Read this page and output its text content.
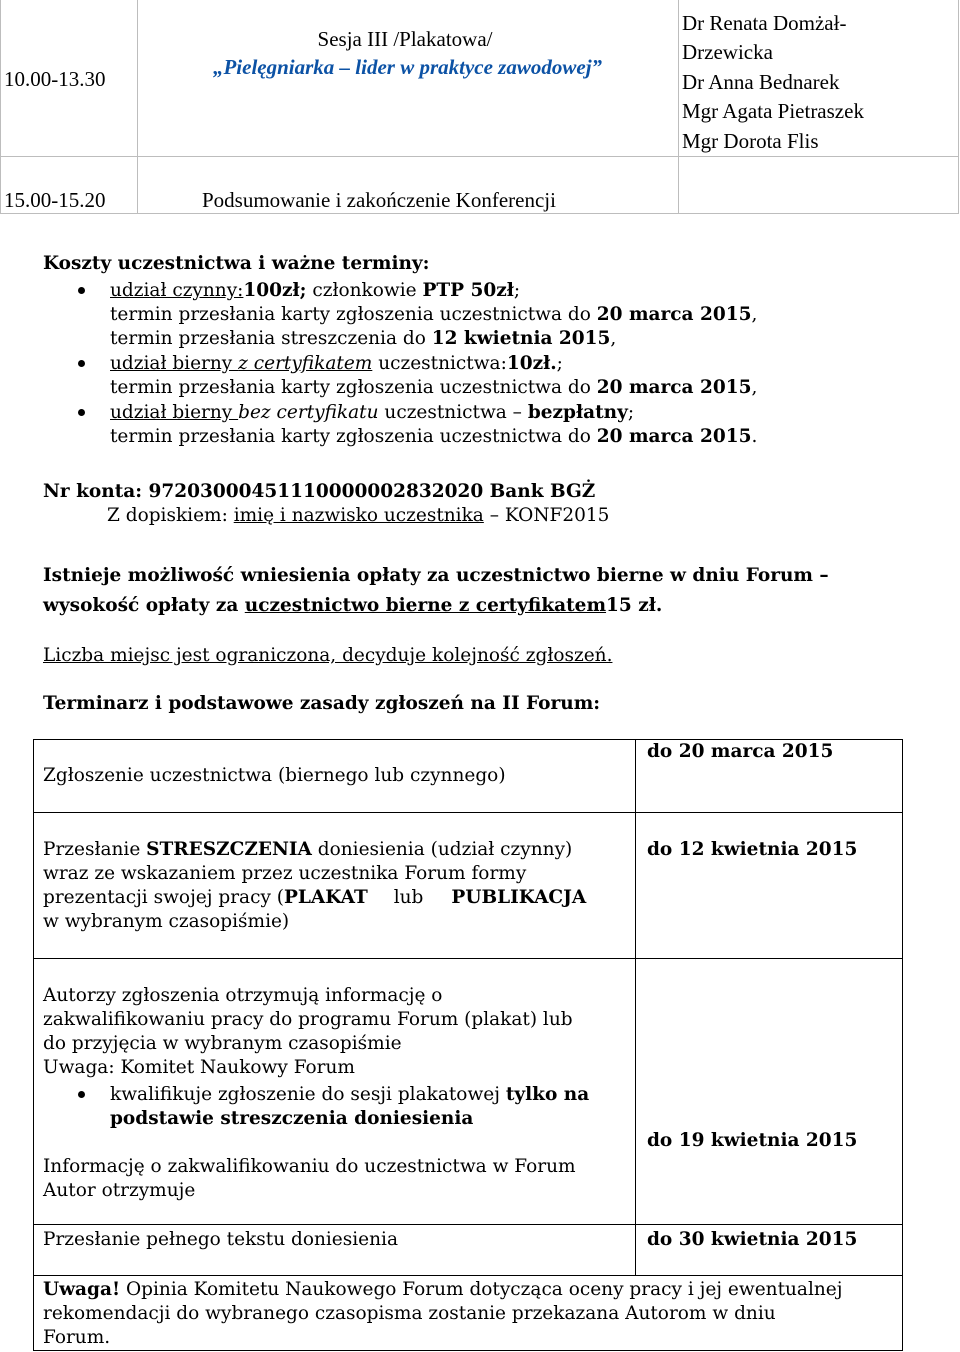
10.00-13.30
Sesja III /Plakatowa/
„Pielęgniarka – lider w praktyce zawodowej”
Dr Renata Domżał-
Drzewicka
Dr Anna Bednarek
Mgr Agata Pietraszek
Mgr Dorota Flis
15.00-15.20	Podsumowanie i zakończenie Konferencji
Koszty uczestnictwa i ważne terminy:
udział czynny:100zł; członkowie PTP 50zł;
termin przesłania karty zgłoszenia uczestnictwa do 20 marca 2015,
termin przesłania streszczenia do 12 kwietnia 2015,
udział bierny z certyfikatem uczestnictwa:10zł.;
termin przesłania karty zgłoszenia uczestnictwa do 20 marca 2015,
udział bierny bez certyfikatu uczestnictwa – bezpłatny;
termin przesłania karty zgłoszenia uczestnictwa do 20 marca 2015.
Nr konta: 97203000451110000002832020 Bank BGŻ
Z dopiskiem: imię i nazwisko uczestnika – KONF2015
Istnieje możliwość wniesienia opłaty za uczestnictwo bierne w dniu Forum –
wysokość opłaty za uczestnictwo bierne z certyfikatem15 zł.
Liczba miejsc jest ograniczona, decyduje kolejność zgłoszeń.
Terminarz i podstawowe zasady zgłoszeń na II Forum:
Zgłoszenie uczestnictwa (biernego lub czynnego)
do 20 marca 2015
Przesłanie STRESZCZENIA doniesienia (udział czynny)
wraz ze wskazaniem przez uczestnika Forum formy
prezentacji swojej pracy (PLAKAT lub PUBLIKACJA
w wybranym czasopiśmie)
do 12 kwietnia 2015
Autorzy zgłoszenia otrzymują informację o
zakwalifikowaniu pracy do programu Forum (plakat) lub
do przyjęcia w wybranym czasopiśmie
Uwaga: Komitet Naukowy Forum
kwalifikuje zgłoszenie do sesji plakatowej tylko na
podstawie streszczenia doniesienia
Informację o zakwalifikowaniu do uczestnictwa w Forum
Autor otrzymuje
do 19 kwietnia 2015
Przesłanie pełnego tekstu doniesienia	do 30 kwietnia 2015
Uwaga! Opinia Komitetu Naukowego Forum dotycząca oceny pracy i jej ewentualnej
rekomendacji do wybranego czasopisma zostanie przekazana Autorom w dniu
Forum.
